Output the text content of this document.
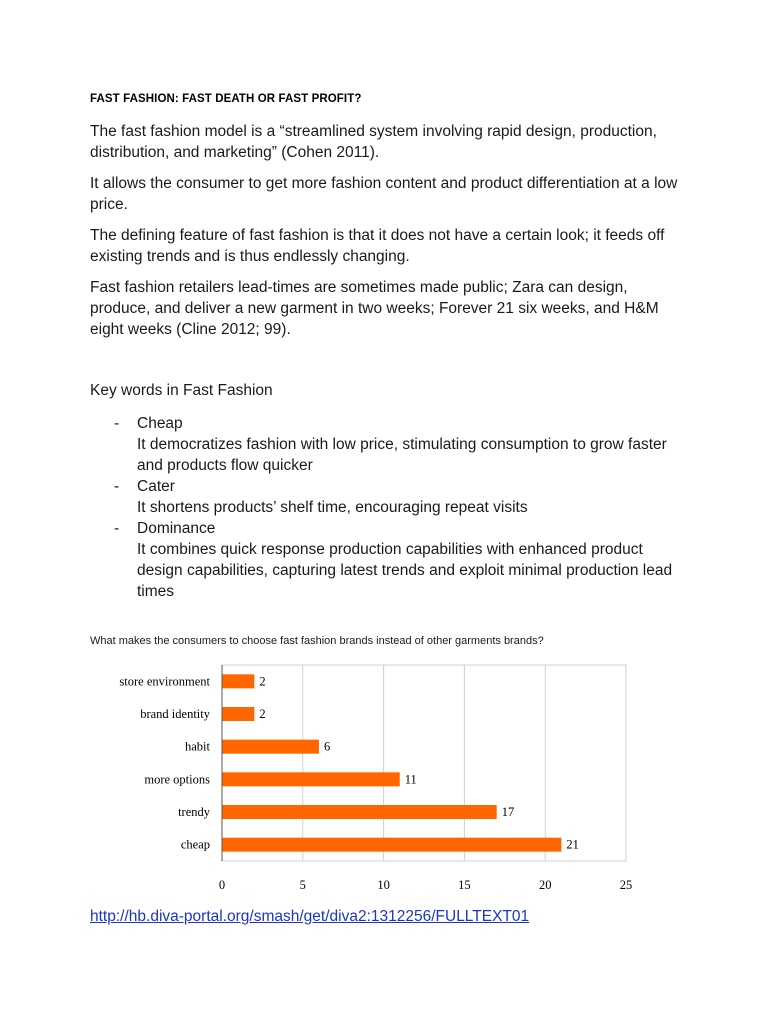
FAST FASHION: FAST DEATH OR FAST PROFIT?

The fast fashion model is a “streamlined system involving rapid design, production, distribution, and marketing” (Cohen 2011).

It allows the consumer to get more fashion content and product differentiation at a low price.

The defining feature of fast fashion is that it does not have a certain look; it feeds off existing trends and is thus endlessly changing.

Fast fashion retailers lead-times are sometimes made public; Zara can design, produce, and deliver a new garment in two weeks; Forever 21 six weeks, and H&M eight weeks (Cline 2012; 99).

Key words in Fast Fashion
- Cheap
It democratizes fashion with low price, stimulating consumption to grow faster and products flow quicker
- Cater
It shortens products’ shelf time, encouraging repeat visits
- Dominance
It combines quick response production capabilities with enhanced product design capabilities, capturing latest trends and exploit minimal production lead times
What makes the consumers to choose fast fashion brands instead of other garments brands?
0	5	10	15	20	25
store environment	2
brand identity	2
habit	6
more options	11
trendy	17
cheap	21
http://hb.diva-portal.org/smash/get/diva2:1312256/FULLTEXT01
